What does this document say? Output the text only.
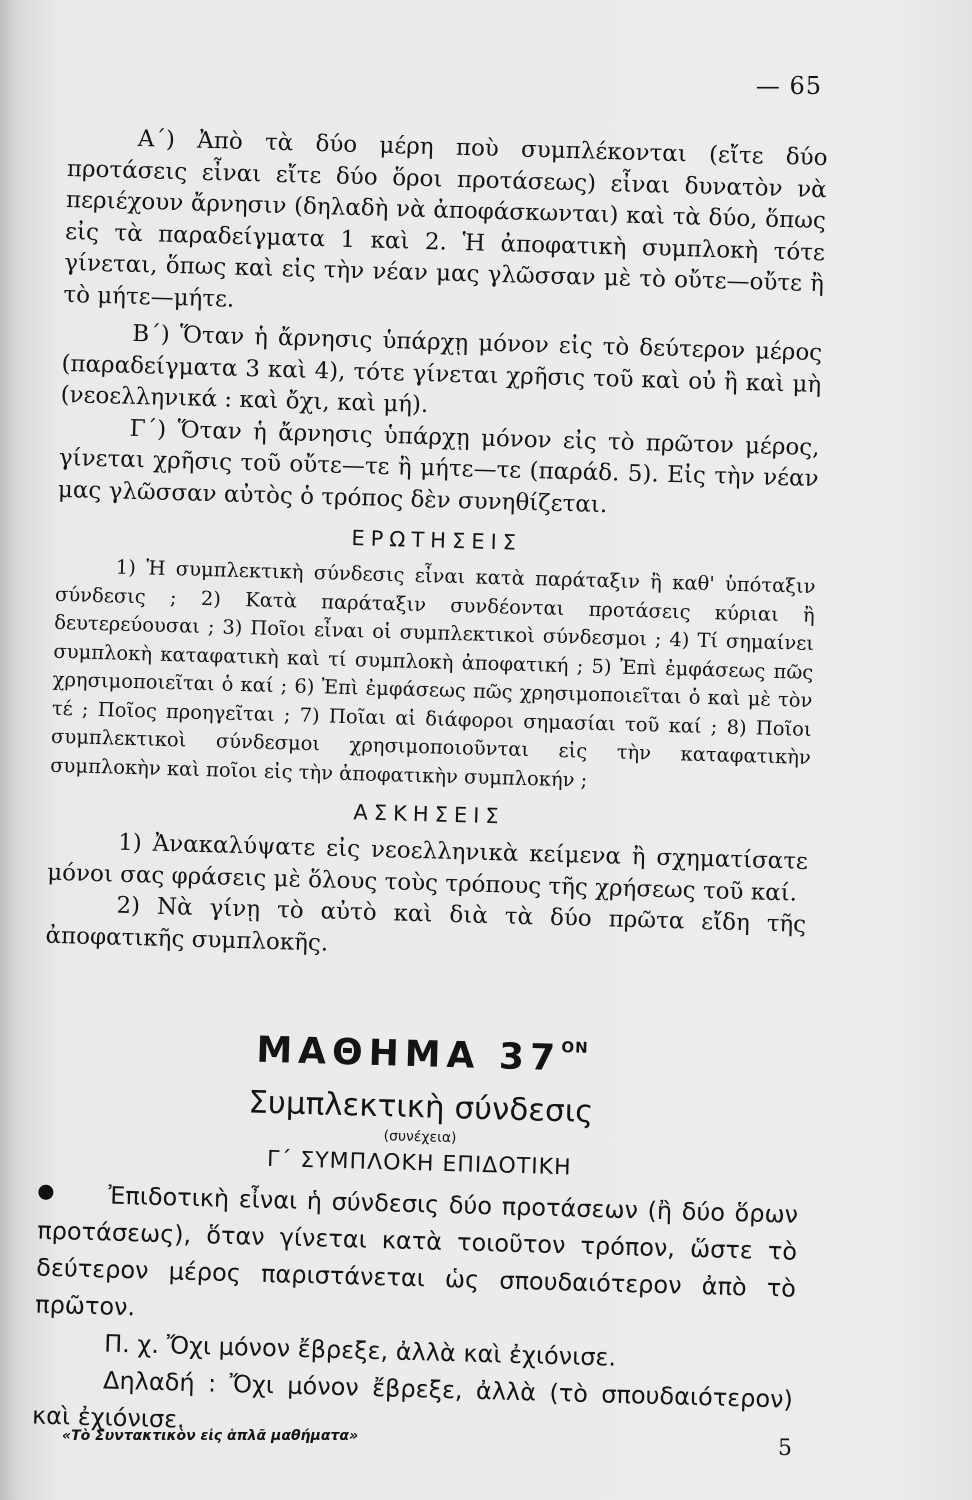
— 65

Α΄) Ἀπὸ τὰ δύο μέρη ποὺ συμπλέκονται (εἴτε δύο προτάσεις εἶναι εἴτε δύο ὅροι προτάσεως) εἶναι δυνατὸν νὰ περιέχουν ἄρνησιν (δηλαδὴ νὰ ἀποφάσκωνται) καὶ τὰ δύο, ὅπως εἰς τὰ παραδείγματα 1 καὶ 2. Ἡ ἀποφατικὴ συμπλοκὴ τότε γίνεται, ὅπως καὶ εἰς τὴν νέαν μας γλῶσσαν μὲ τὸ οὔτε—οὔτε ἢ τὸ μήτε—μήτε.

Β΄) Ὅταν ἡ ἄρνησις ὑπάρχῃ μόνον εἰς τὸ δεύτερον μέρος (παραδείγματα 3 καὶ 4), τότε γίνεται χρῆσις τοῦ καὶ οὐ ἢ καὶ μὴ (νεοελληνικά : καὶ ὄχι, καὶ μή).

Γ΄) Ὅταν ἡ ἄρνησις ὑπάρχῃ μόνον εἰς τὸ πρῶτον μέρος, γίνεται χρῆσις τοῦ οὔτε—τε ἢ μήτε—τε (παράδ. 5). Εἰς τὴν νέαν μας γλῶσσαν αὐτὸς ὁ τρόπος δὲν συνηθίζεται.

ΕΡΩΤΗΣΕΙΣ

1) Ἡ συμπλεκτικὴ σύνδεσις εἶναι κατὰ παράταξιν ἢ καθ' ὑπόταξιν σύνδεσις ; 2) Κατὰ παράταξιν συνδέονται προτάσεις κύριαι ἢ δευτερεύουσαι ; 3) Ποῖοι εἶναι οἱ συμπλεκτικοὶ σύνδεσμοι ; 4) Τί σημαίνει συμπλοκὴ καταφατικὴ καὶ τί συμπλοκὴ ἀποφατική ; 5) Ἐπὶ ἐμφάσεως πῶς χρησιμοποιεῖται ὁ καί ; 6) Ἐπὶ ἐμφάσεως πῶς χρησιμοποιεῖται ὁ καὶ μὲ τὸν τέ ; Ποῖος προηγεῖται ; 7) Ποῖαι αἱ διάφοροι σημασίαι τοῦ καί ; 8) Ποῖοι συμπλεκτικοὶ σύνδεσμοι χρησιμοποιοῦνται εἰς τὴν καταφατικὴν συμπλοκὴν καὶ ποῖοι εἰς τὴν ἀποφατικὴν συμπλοκήν ;

ΑΣΚΗΣΕΙΣ

1) Ἀνακαλύψατε εἰς νεοελληνικὰ κείμενα ἢ σχηματίσατε μόνοι σας φράσεις μὲ ὅλους τοὺς τρόπους τῆς χρήσεως τοῦ καί.

2) Νὰ γίνῃ τὸ αὐτὸ καὶ διὰ τὰ δύο πρῶτα εἴδη τῆς ἀποφατικῆς συμπλοκῆς.

ΜΑΘΗΜΑ $37^{ON}$
Συμπλεκτικὴ σύνδεσις
(συνέχεια)
Γ΄ ΣΥΜΠΛΟΚΗ ΕΠΙΔΟΤΙΚΗ

Ἐπιδοτικὴ εἶναι ἡ σύνδεσις δύο προτάσεων (ἢ δύο ὅρων προτάσεως), ὅταν γίνεται κατὰ τοιοῦτον τρόπον, ὥστε τὸ δεύτερον μέρος παριστάνεται ὡς σπουδαιότερον ἀπὸ τὸ πρῶτον.

Π. χ. Ὄχι μόνον ἔβρεξε, ἀλλὰ καὶ ἐχιόνισε.

Δηλαδή : Ὄχι μόνον ἔβρεξε, ἀλλὰ (τὸ σπουδαιότερον) καὶ ἐχιόνισε.

«Τὸ Συντακτικὸν εἰς ἁπλᾶ μαθήματα»	5
